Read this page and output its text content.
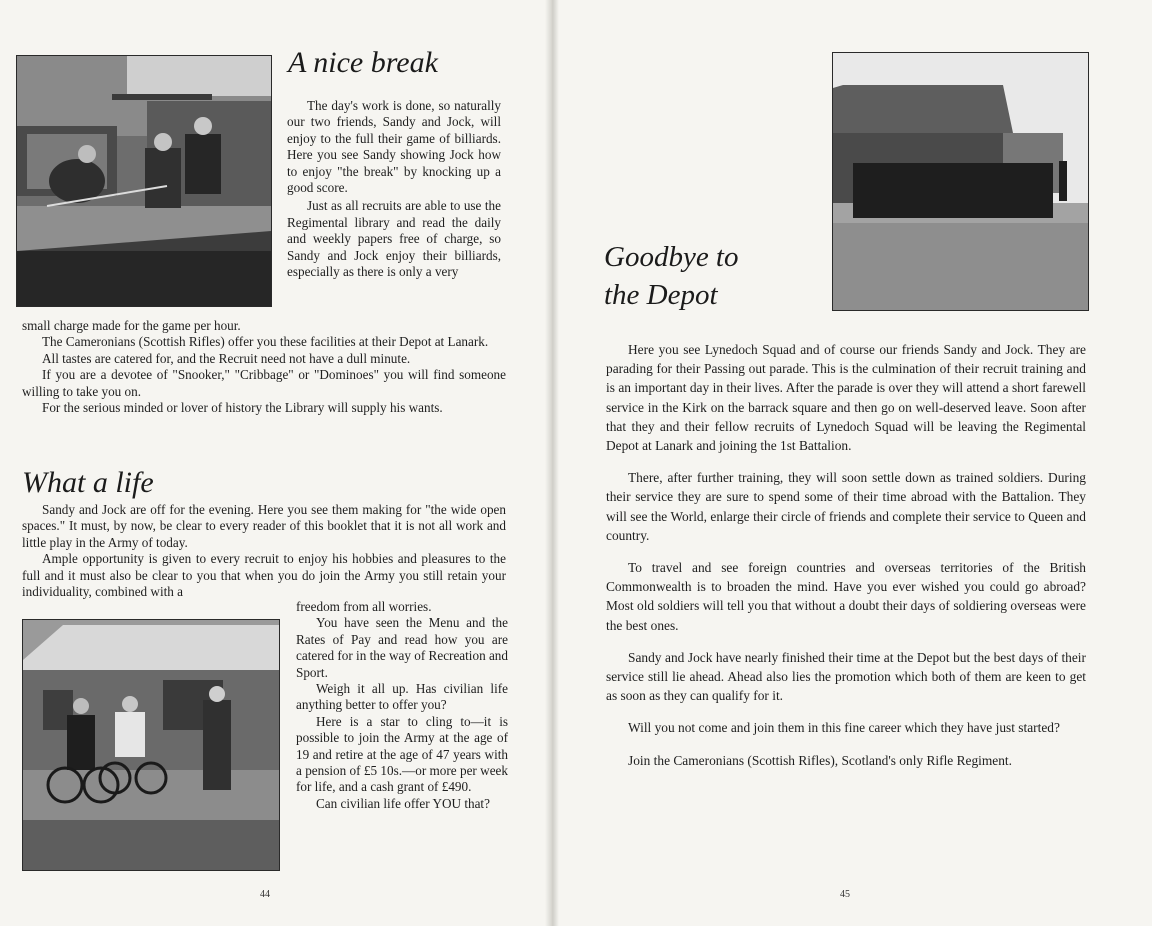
A nice break

The day's work is done, so naturally our two friends, Sandy and Jock, will enjoy to the full their game of billiards. Here you see Sandy showing Jock how to enjoy "the break" by knocking up a good score.

Just as all recruits are able to use the Regimental library and read the daily and weekly papers free of charge, so Sandy and Jock enjoy their billiards, especially as there is only a very

small charge made for the game per hour.

The Cameronians (Scottish Rifles) offer you these facilities at their Depot at Lanark.

All tastes are catered for, and the Recruit need not have a dull minute.

If you are a devotee of "Snooker," "Cribbage" or "Dominoes" you will find someone willing to take you on.

For the serious minded or lover of history the Library will supply his wants.

What a life

Sandy and Jock are off for the evening. Here you see them making for "the wide open spaces." It must, by now, be clear to every reader of this booklet that it is not all work and little play in the Army of today.

Ample opportunity is given to every recruit to enjoy his hobbies and pleasures to the full and it must also be clear to you that when you do join the Army you still retain your individuality, combined with a

freedom from all worries.

You have seen the Menu and the Rates of Pay and read how you are catered for in the way of Recreation and Sport.

Weigh it all up. Has civilian life anything better to offer you?

Here is a star to cling to—it is possible to join the Army at the age of 19 and retire at the age of 47 years with a pension of £5 10s.—or more per week for life, and a cash grant of £490.

Can civilian life offer YOU that?

44
Goodbye to
the Depot

Here you see Lynedoch Squad and of course our friends Sandy and Jock. They are parading for their Passing out parade. This is the culmination of their recruit training and is an important day in their lives. After the parade is over they will attend a short farewell service in the Kirk on the barrack square and then go on well-deserved leave. Soon after that they and their fellow recruits of Lynedoch Squad will be leaving the Regimental Depot at Lanark and joining the 1st Battalion.

There, after further training, they will soon settle down as trained soldiers. During their service they are sure to spend some of their time abroad with the Battalion. They will see the World, enlarge their circle of friends and complete their service to Queen and country.

To travel and see foreign countries and overseas territories of the British Commonwealth is to broaden the mind. Have you ever wished you could go abroad? Most old soldiers will tell you that without a doubt their days of soldiering overseas were the best ones.

Sandy and Jock have nearly finished their time at the Depot but the best days of their service still lie ahead. Ahead also lies the promotion which both of them are keen to get as soon as they can qualify for it.

Will you not come and join them in this fine career which they have just started?

Join the Cameronians (Scottish Rifles), Scotland's only Rifle Regiment.

45
